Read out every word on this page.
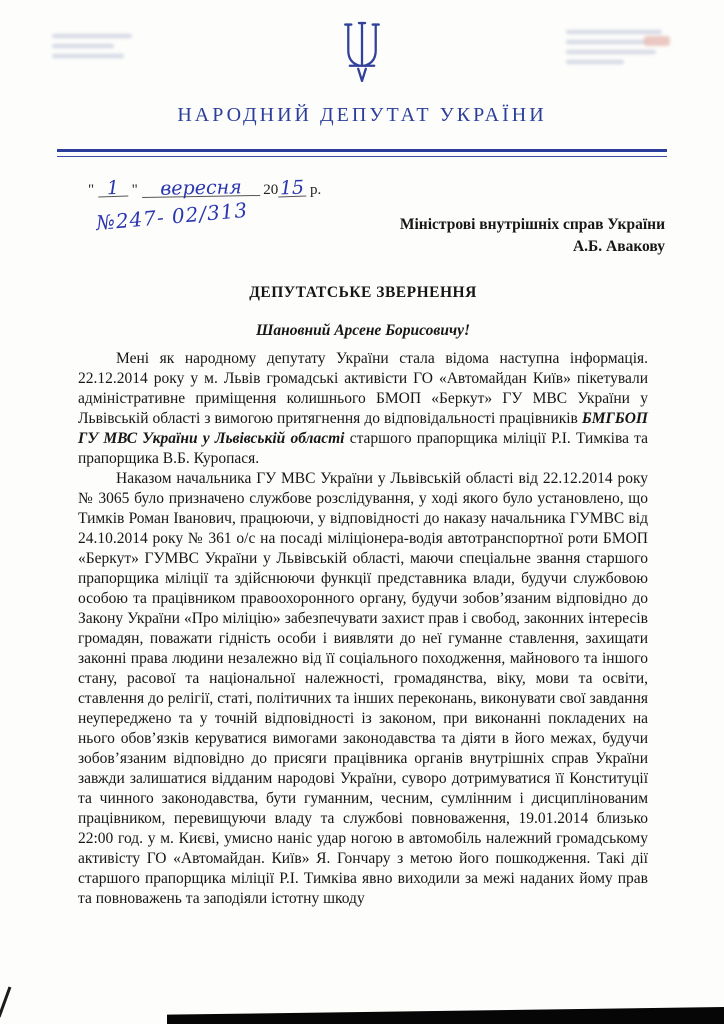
НАРОДНИЙ ДЕПУТАТ УКРАЇНИ
" 1 " вересня 2015 р.
№247- 02/313	Міністрові внутрішніх справ України
А.Б. Авакову
ДЕПУТАТСЬКЕ ЗВЕРНЕННЯ
Шановний Арсене Борисовичу!

Мені як народному депутату України стала відома наступна інформація. 22.12.2014 року у м. Львів громадські активісти ГО «Автомайдан Київ» пікетували адміністративне приміщення колишнього БМОП «Беркут» ГУ МВС України у Львівській області з вимогою притягнення до відповідальності працівників БМГБОП ГУ МВС України у Львівській області старшого прапорщика міліції Р.І. Тимківа та прапорщика В.Б. Куропася.

Наказом начальника ГУ МВС України у Львівській області від 22.12.2014 року № 3065 було призначено службове розслідування, у ході якого було установлено, що Тимків Роман Іванович, працюючи, у відповідності до наказу начальника ГУМВС від 24.10.2014 року № 361 о/с на посаді міліціонера-водія автотранспортної роти БМОП «Беркут» ГУМВС України у Львівській області, маючи спеціальне звання старшого прапорщика міліції та здійснюючи функції представника влади, будучи службовою особою та працівником правоохоронного органу, будучи зобов’язаним відповідно до Закону України «Про міліцію» забезпечувати захист прав і свобод, законних інтересів громадян, поважати гідність особи і виявляти до неї гуманне ставлення, захищати законні права людини незалежно від її соціального походження, майнового та іншого стану, расової та національної належності, громадянства, віку, мови та освіти, ставлення до релігії, статі, політичних та інших переконань, виконувати свої завдання неупереджено та у точній відповідності із законом, при виконанні покладених на нього обов’язків керуватися вимогами законодавства та діяти в його межах, будучи зобов’язаним відповідно до присяги працівника органів внутрішніх справ України завжди залишатися відданим народові України, суворо дотримуватися її Конституції та чинного законодавства, бути гуманним, чесним, сумлінним і дисциплінованим працівником, перевищуючи владу та службові повноваження, 19.01.2014 близько 22:00 год. у м. Києві, умисно наніс удар ногою в автомобіль належний громадському активісту ГО «Автомайдан. Київ» Я. Гончару з метою його пошкодження. Такі дії старшого прапорщика міліції Р.І. Тимківа явно виходили за межі наданих йому прав та повноважень та заподіяли істотну шкоду
